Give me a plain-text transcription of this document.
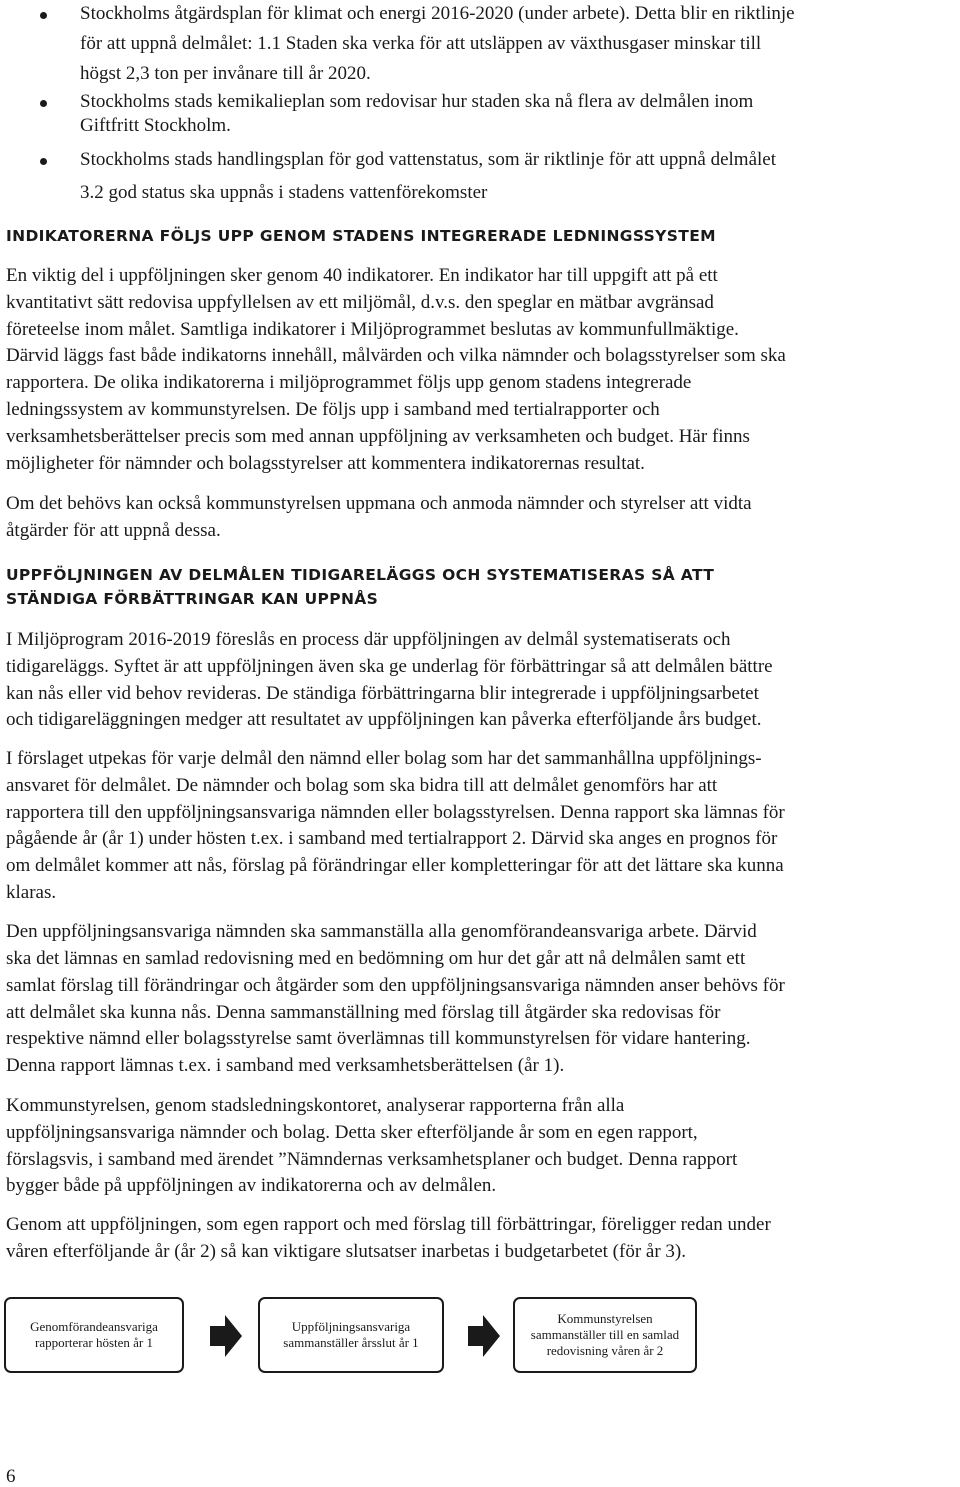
Stockholms åtgärdsplan för klimat och energi 2016-2020 (under arbete). Detta blir en riktlinje
för att uppnå delmålet: 1.1 Staden ska verka för att utsläppen av växthusgaser minskar till
högst 2,3 ton per invånare till år 2020.
Stockholms stads kemikalieplan som redovisar hur staden ska nå flera av delmålen inom
Giftfritt Stockholm.
Stockholms stads handlingsplan för god vattenstatus, som är riktlinje för att uppnå delmålet
3.2 god status ska uppnås i stadens vattenförekomster
INDIKATORERNA FÖLJS UPP GENOM STADENS INTEGRERADE LEDNINGSSYSTEM
En viktig del i uppföljningen sker genom 40 indikatorer. En indikator har till uppgift att på ett
kvantitativt sätt redovisa uppfyllelsen av ett miljömål, d.v.s. den speglar en mätbar avgränsad
företeelse inom målet. Samtliga indikatorer i Miljöprogrammet beslutas av kommunfullmäktige.
Därvid läggs fast både indikatorns innehåll, målvärden och vilka nämnder och bolagsstyrelser som ska
rapportera. De olika indikatorerna i miljöprogrammet följs upp genom stadens integrerade
ledningssystem av kommunstyrelsen. De följs upp i samband med tertialrapporter och
verksamhetsberättelser precis som med annan uppföljning av verksamheten och budget. Här finns
möjligheter för nämnder och bolagsstyrelser att kommentera indikatorernas resultat.
Om det behövs kan också kommunstyrelsen uppmana och anmoda nämnder och styrelser att vidta
åtgärder för att uppnå dessa.
UPPFÖLJNINGEN AV DELMÅLEN TIDIGARELÄGGS OCH SYSTEMATISERAS SÅ ATT
STÄNDIGA FÖRBÄTTRINGAR KAN UPPNÅS
I Miljöprogram 2016-2019 föreslås en process där uppföljningen av delmål systematiserats och
tidigareläggs. Syftet är att uppföljningen även ska ge underlag för förbättringar så att delmålen bättre
kan nås eller vid behov revideras. De ständiga förbättringarna blir integrerade i uppföljningsarbetet
och tidigareläggningen medger att resultatet av uppföljningen kan påverka efterföljande års budget.
I förslaget utpekas för varje delmål den nämnd eller bolag som har det sammanhållna uppföljnings-
ansvaret för delmålet. De nämnder och bolag som ska bidra till att delmålet genomförs har att
rapportera till den uppföljningsansvariga nämnden eller bolagsstyrelsen. Denna rapport ska lämnas för
pågående år (år 1) under hösten t.ex. i samband med tertialrapport 2. Därvid ska anges en prognos för
om delmålet kommer att nås, förslag på förändringar eller kompletteringar för att det lättare ska kunna
klaras.
Den uppföljningsansvariga nämnden ska sammanställa alla genomförandeansvariga arbete. Därvid
ska det lämnas en samlad redovisning med en bedömning om hur det går att nå delmålen samt ett
samlat förslag till förändringar och åtgärder som den uppföljningsansvariga nämnden anser behövs för
att delmålet ska kunna nås. Denna sammanställning med förslag till åtgärder ska redovisas för
respektive nämnd eller bolagsstyrelse samt överlämnas till kommunstyrelsen för vidare hantering.
Denna rapport lämnas t.ex. i samband med verksamhetsberättelsen (år 1).
Kommunstyrelsen, genom stadsledningskontoret, analyserar rapporterna från alla
uppföljningsansvariga nämnder och bolag. Detta sker efterföljande år som en egen rapport,
förslagsvis, i samband med ärendet ”Nämndernas verksamhetsplaner och budget. Denna rapport
bygger både på uppföljningen av indikatorerna och av delmålen.
Genom att uppföljningen, som egen rapport och med förslag till förbättringar, föreligger redan under
våren efterföljande år (år 2) så kan viktigare slutsatser inarbetas i budgetarbetet (för år 3).
Genomförandeansvariga
rapporterar hösten år 1
Uppföljningsansvariga
sammanställer årsslut år 1
Kommunstyrelsen
sammanställer till en samlad
redovisning våren år 2
6
